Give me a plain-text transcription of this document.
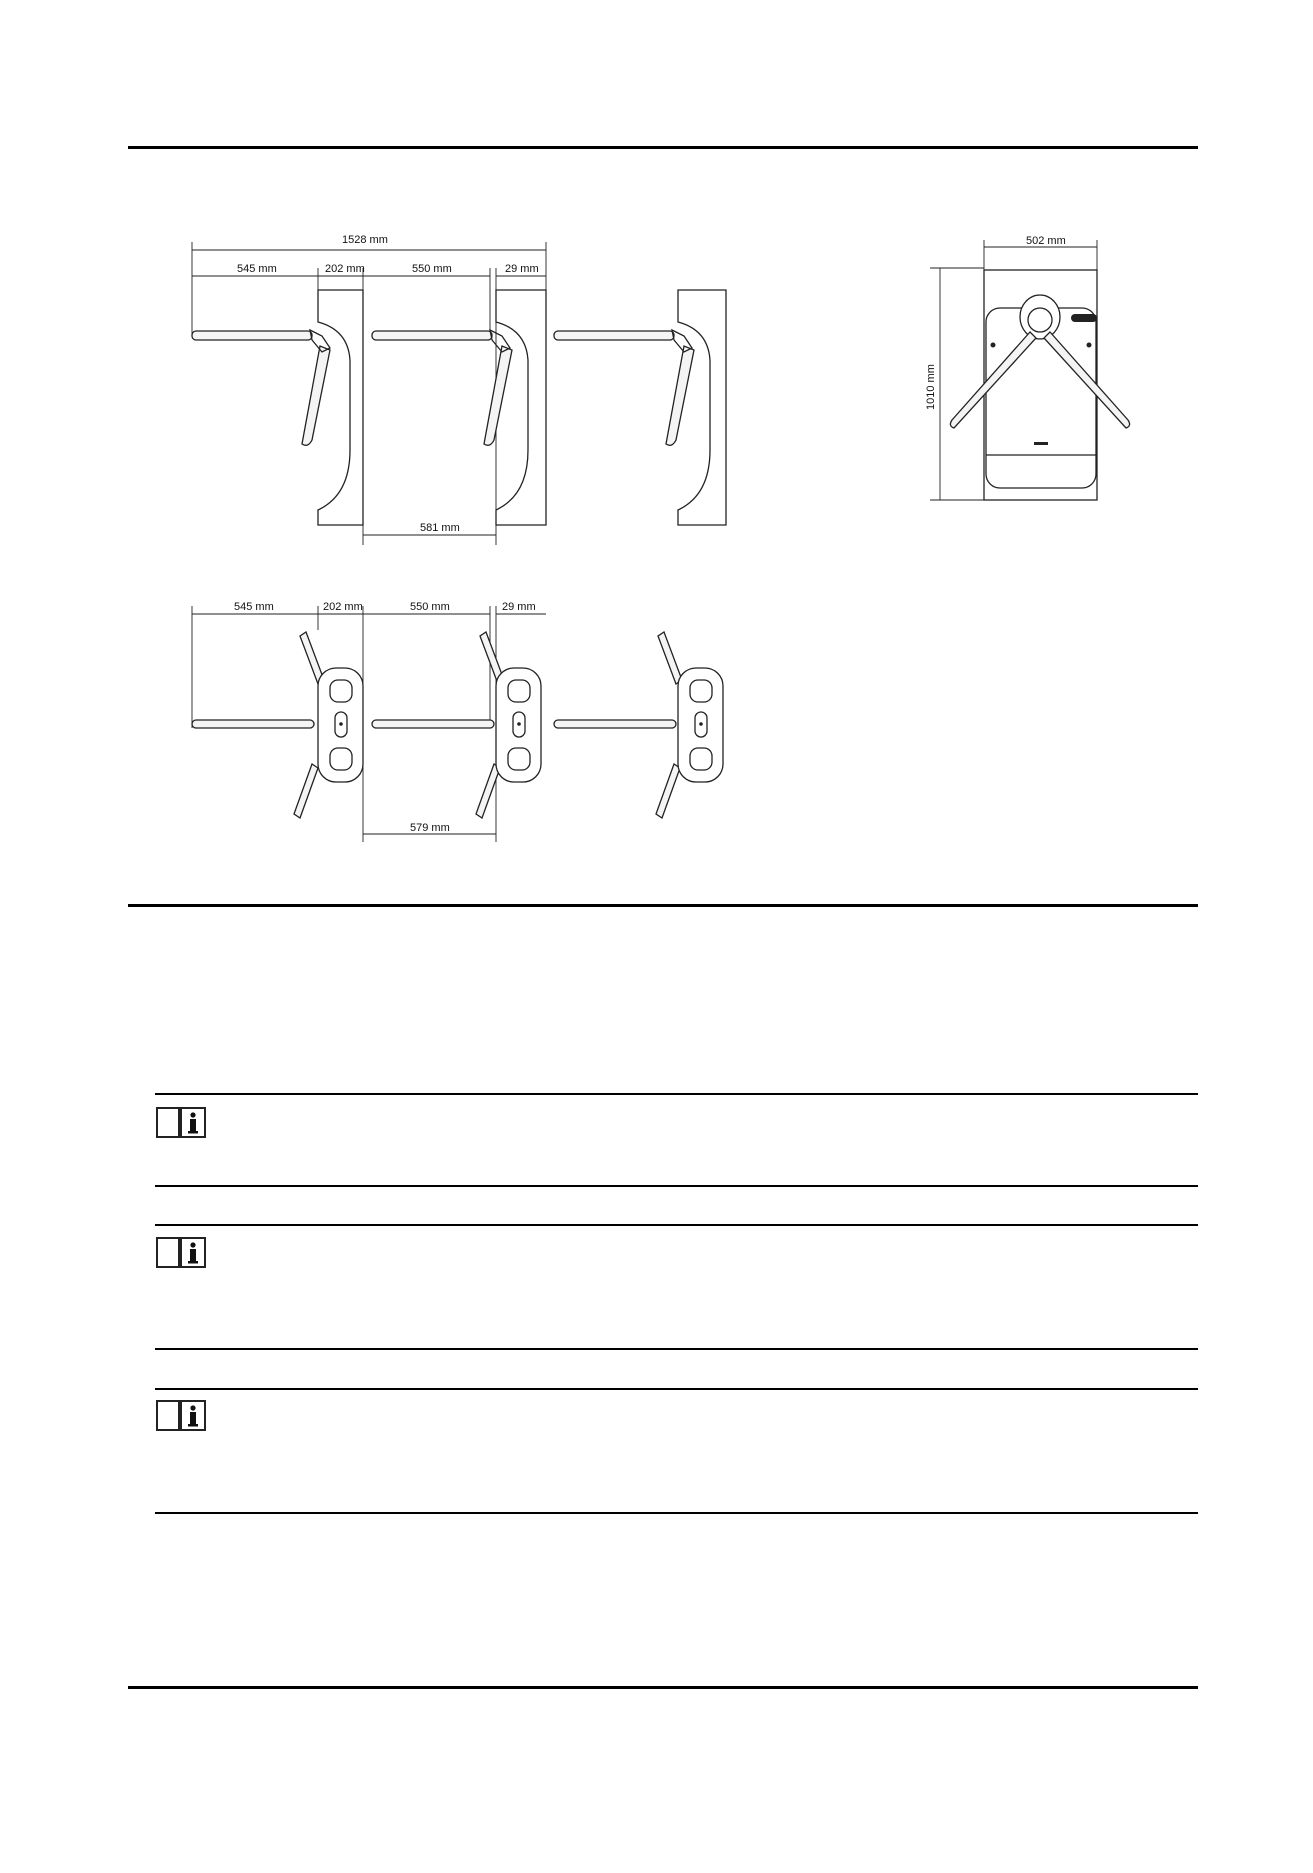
1528 mm
545 mm	202 mm	550 mm	29 mm
581 mm
502 mm
1010 mm
545 mm	202 mm	550 mm	29 mm
579 mm
